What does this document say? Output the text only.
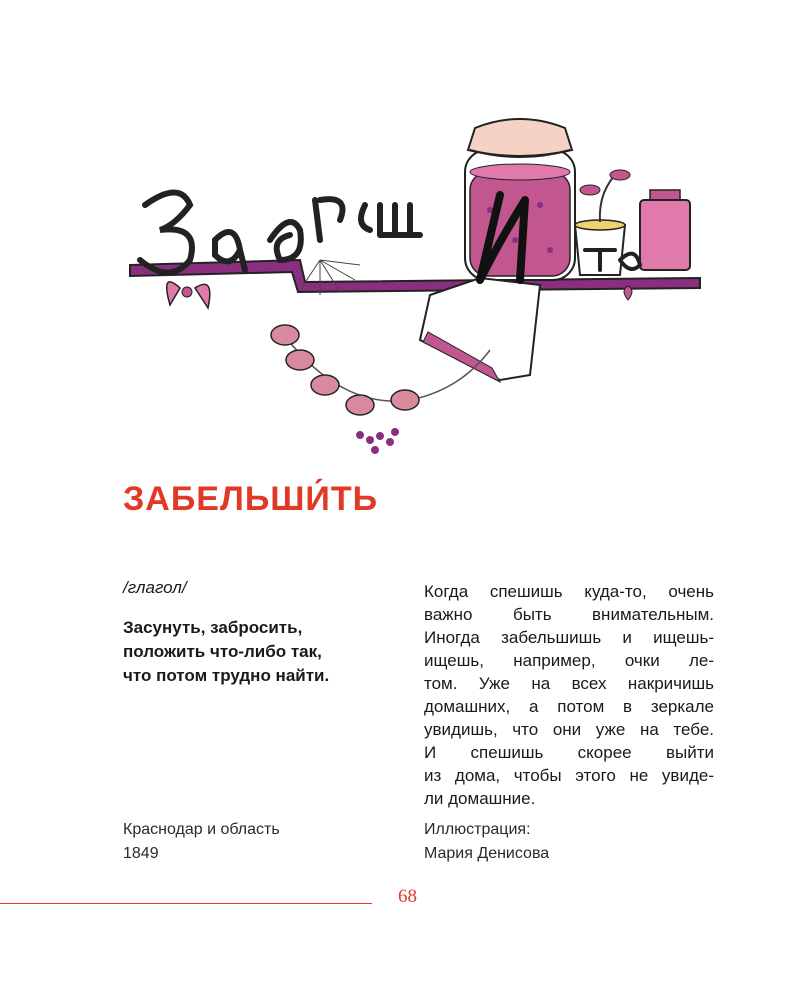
ЗАБЕЛЬШИ́ТЬ
/глагол/
Засунуть, забросить,
положить что-либо так,
что потом трудно найти.
Когда спешишь куда-то, очень
важно быть внимательным.
Иногда забельшишь и ищешь-
ищешь, например, очки ле-
том. Уже на всех накричишь
домашних, а потом в зеркале
увидишь, что они уже на тебе.
И спешишь скорее выйти
из дома, чтобы этого не увиде-
ли домашние.
Краснодар и область
1849
Иллюстрация:
Мария Денисова
68
